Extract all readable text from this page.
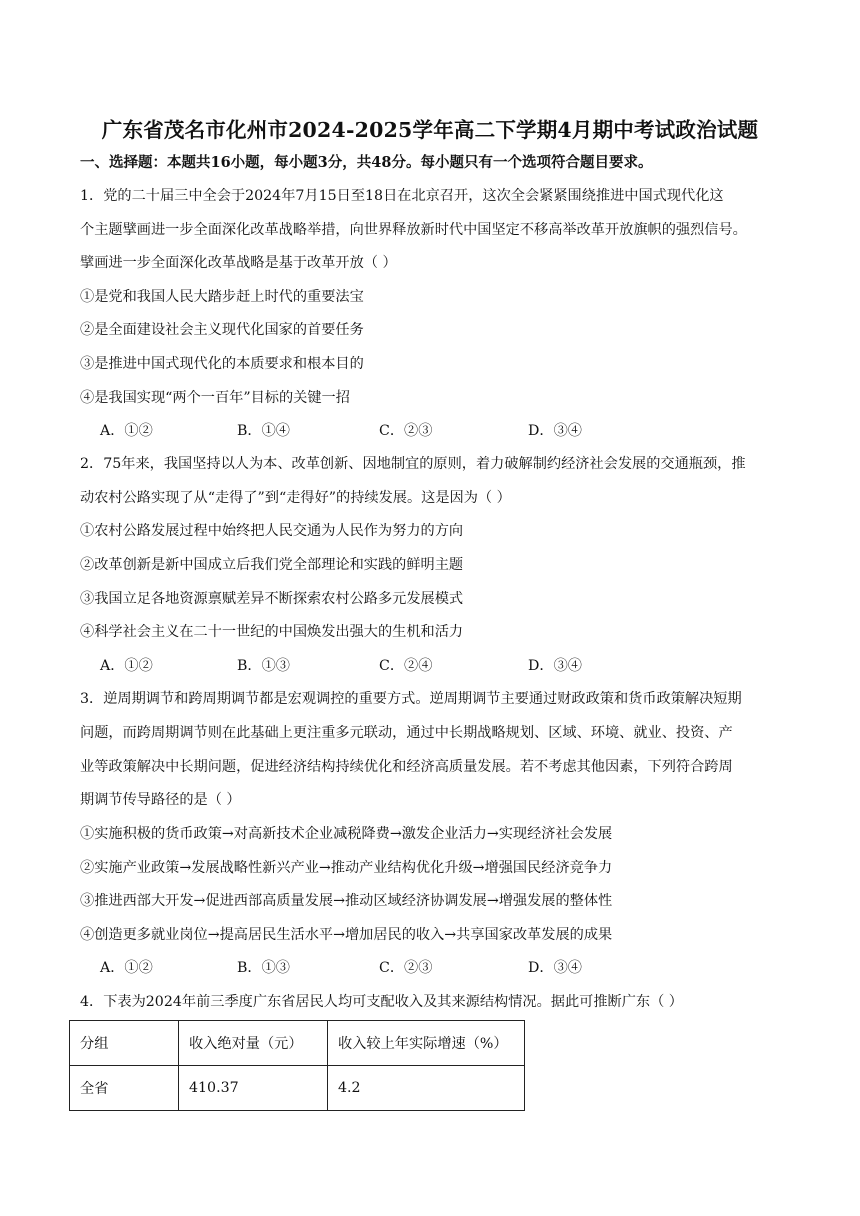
广东省茂名市化州市2024-2025学年高二下学期4月期中考试政治试题
一、选择题：本题共16小题，每小题3分，共48分。每小题只有一个选项符合题目要求。
1．党的二十届三中全会于2024年7月15日至18日在北京召开，这次全会紧紧围绕推进中国式现代化这
个主题擘画进一步全面深化改革战略举措，向世界释放新时代中国坚定不移高举改革开放旗帜的强烈信号。
擘画进一步全面深化改革战略是基于改革开放（ ）
①是党和我国人民大踏步赶上时代的重要法宝
②是全面建设社会主义现代化国家的首要任务
③是推进中国式现代化的本质要求和根本目的
④是我国实现“两个一百年”目标的关键一招
A．①②	B．①④	C．②③	D．③④
2．75年来，我国坚持以人为本、改革创新、因地制宜的原则，着力破解制约经济社会发展的交通瓶颈，推
动农村公路实现了从“走得了”到“走得好”的持续发展。这是因为（ ）
①农村公路发展过程中始终把人民交通为人民作为努力的方向
②改革创新是新中国成立后我们党全部理论和实践的鲜明主题
③我国立足各地资源禀赋差异不断探索农村公路多元发展模式
④科学社会主义在二十一世纪的中国焕发出强大的生机和活力
A．①②	B．①③	C．②④	D．③④
3．逆周期调节和跨周期调节都是宏观调控的重要方式。逆周期调节主要通过财政政策和货币政策解决短期
问题，而跨周期调节则在此基础上更注重多元联动，通过中长期战略规划、区域、环境、就业、投资、产
业等政策解决中长期问题，促进经济结构持续优化和经济高质量发展。若不考虑其他因素，下列符合跨周
期调节传导路径的是（ ）
①实施积极的货币政策→对高新技术企业减税降费→激发企业活力→实现经济社会发展
②实施产业政策→发展战略性新兴产业→推动产业结构优化升级→增强国民经济竞争力
③推进西部大开发→促进西部高质量发展→推动区域经济协调发展→增强发展的整体性
④创造更多就业岗位→提高居民生活水平→增加居民的收入→共享国家改革发展的成果
A．①②	B．①③	C．②③	D．③④
4．下表为2024年前三季度广东省居民人均可支配收入及其来源结构情况。据此可推断广东（ ）
分组	收入绝对量（元）	收入较上年实际增速（%）
全省	410.37	4.2
